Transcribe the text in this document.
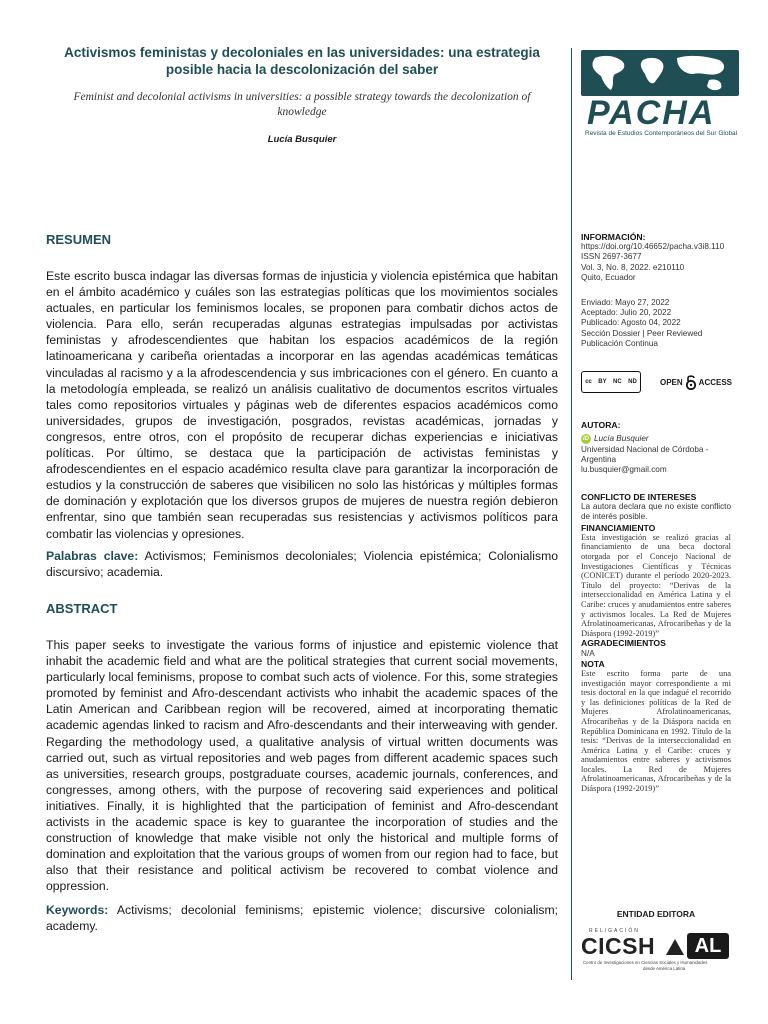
Activismos feministas y decoloniales en las universidades: una estrategia posible hacia la descolonización del saber

Feminist and decolonial activisms in universities: a possible strategy towards the decolonization of knowledge

Lucía Busquier
RESUMEN

Este escrito busca indagar las diversas formas de injusticia y violencia epistémica que habitan en el ámbito académico y cuáles son las estrategias políticas que los movimientos sociales actuales, en particular los feminismos locales, se proponen para combatir dichos actos de violencia. Para ello, serán recuperadas algunas estrategias impulsadas por activistas feministas y afrodescendientes que habitan los espacios académicos de la región latinoamericana y caribeña orientadas a incorporar en las agendas académicas temáticas vinculadas al racismo y a la afrodescendencia y sus imbricaciones con el género. En cuanto a la metodología empleada, se realizó un análisis cualitativo de documentos escritos virtuales tales como repositorios virtuales y páginas web de diferentes espacios académicos como universidades, grupos de investigación, posgrados, revistas académicas, jornadas y congresos, entre otros, con el propósito de recuperar dichas experiencias e iniciativas políticas. Por último, se destaca que la participación de activistas feministas y afrodescendientes en el espacio académico resulta clave para garantizar la incorporación de estudios y la construcción de saberes que visibilicen no solo las históricas y múltiples formas de dominación y explotación que los diversos grupos de mujeres de nuestra región debieron enfrentar, sino que también sean recuperadas sus resistencias y activismos políticos para combatir las violencias y opresiones.

Palabras clave: Activismos; Feminismos decoloniales; Violencia epistémica; Colonialismo discursivo; academia.

ABSTRACT

This paper seeks to investigate the various forms of injustice and epistemic violence that inhabit the academic field and what are the political strategies that current social movements, particularly local feminisms, propose to combat such acts of violence. For this, some strategies promoted by feminist and Afro-descendant activists who inhabit the academic spaces of the Latin American and Caribbean region will be recovered, aimed at incorporating thematic academic agendas linked to racism and Afro-descendants and their interweaving with gender. Regarding the methodology used, a qualitative analysis of virtual written documents was carried out, such as virtual repositories and web pages from different academic spaces such as universities, research groups, postgraduate courses, academic journals, conferences, and congresses, among others, with the purpose of recovering said experiences and political initiatives. Finally, it is highlighted that the participation of feminist and Afro-descendant activists in the academic space is key to guarantee the incorporation of studies and the construction of knowledge that make visible not only the historical and multiple forms of domination and exploitation that the various groups of women from our region had to face, but also that their resistance and political activism be recovered to combat violence and oppression.

Keywords: Activisms; decolonial feminisms; epistemic violence; discursive colonialism; academy.

PACHA
Revista de Estudios Contemporáneos del Sur Global

INFORMACIÓN:

https://doi.org/10.46652/pacha.v3i8.110

ISSN 2697-3677

Vol. 3, No. 8, 2022. e210110

Quito, Ecuador

Enviado: Mayo 27, 2022

Aceptado: Julio 20, 2022

Publicado: Agosto 04, 2022

Sección Dossier | Peer Reviewed

Publicación Continua

cc BY NC ND	OPEN ACCESS

AUTORA:

iD Lucía Busquier

Universidad Nacional de Córdoba - Argentina

lu.busquier@gmail.com

CONFLICTO DE INTERESES

La autora declara que no existe conflicto de interés posible.

FINANCIAMIENTO

Esta investigación se realizó gracias al financiamiento de una beca doctoral otorgada por el Concejo Nacional de Investigaciones Científicas y Técnicas (CONICET) durante el período 2020-2023. Título del proyecto: “Derivas de la interseccionalidad en América Latina y el Caribe: cruces y anudamientos entre saberes y activismos locales. La Red de Mujeres Afrolatinoamericanas, Afrocaribeñas y de la Diáspora (1992-2019)”

AGRADECIMIENTOS

N/A

NOTA

Este escrito forma parte de una investigación mayor correspondiente a mi tesis doctoral en la que indagué el recorrido y las definiciones políticas de la Red de Mujeres Afrolatinoamericanas, Afrocaribeñas y de la Diáspora nacida en República Dominicana en 1992. Título de la tesis: “Derivas de la interseccionalidad en América Latina y el Caribe: cruces y anudamientos entre saberes y activismos locales. La Red de Mujeres Afrolatinoamericanas, Afrocaribeñas y de la Diáspora (1992-2019)”

ENTIDAD EDITORA
RELIGACIÓN
CICSH	AL
Centro de Investigaciones en Ciencias Sociales y Humanidades
desde América Latina
